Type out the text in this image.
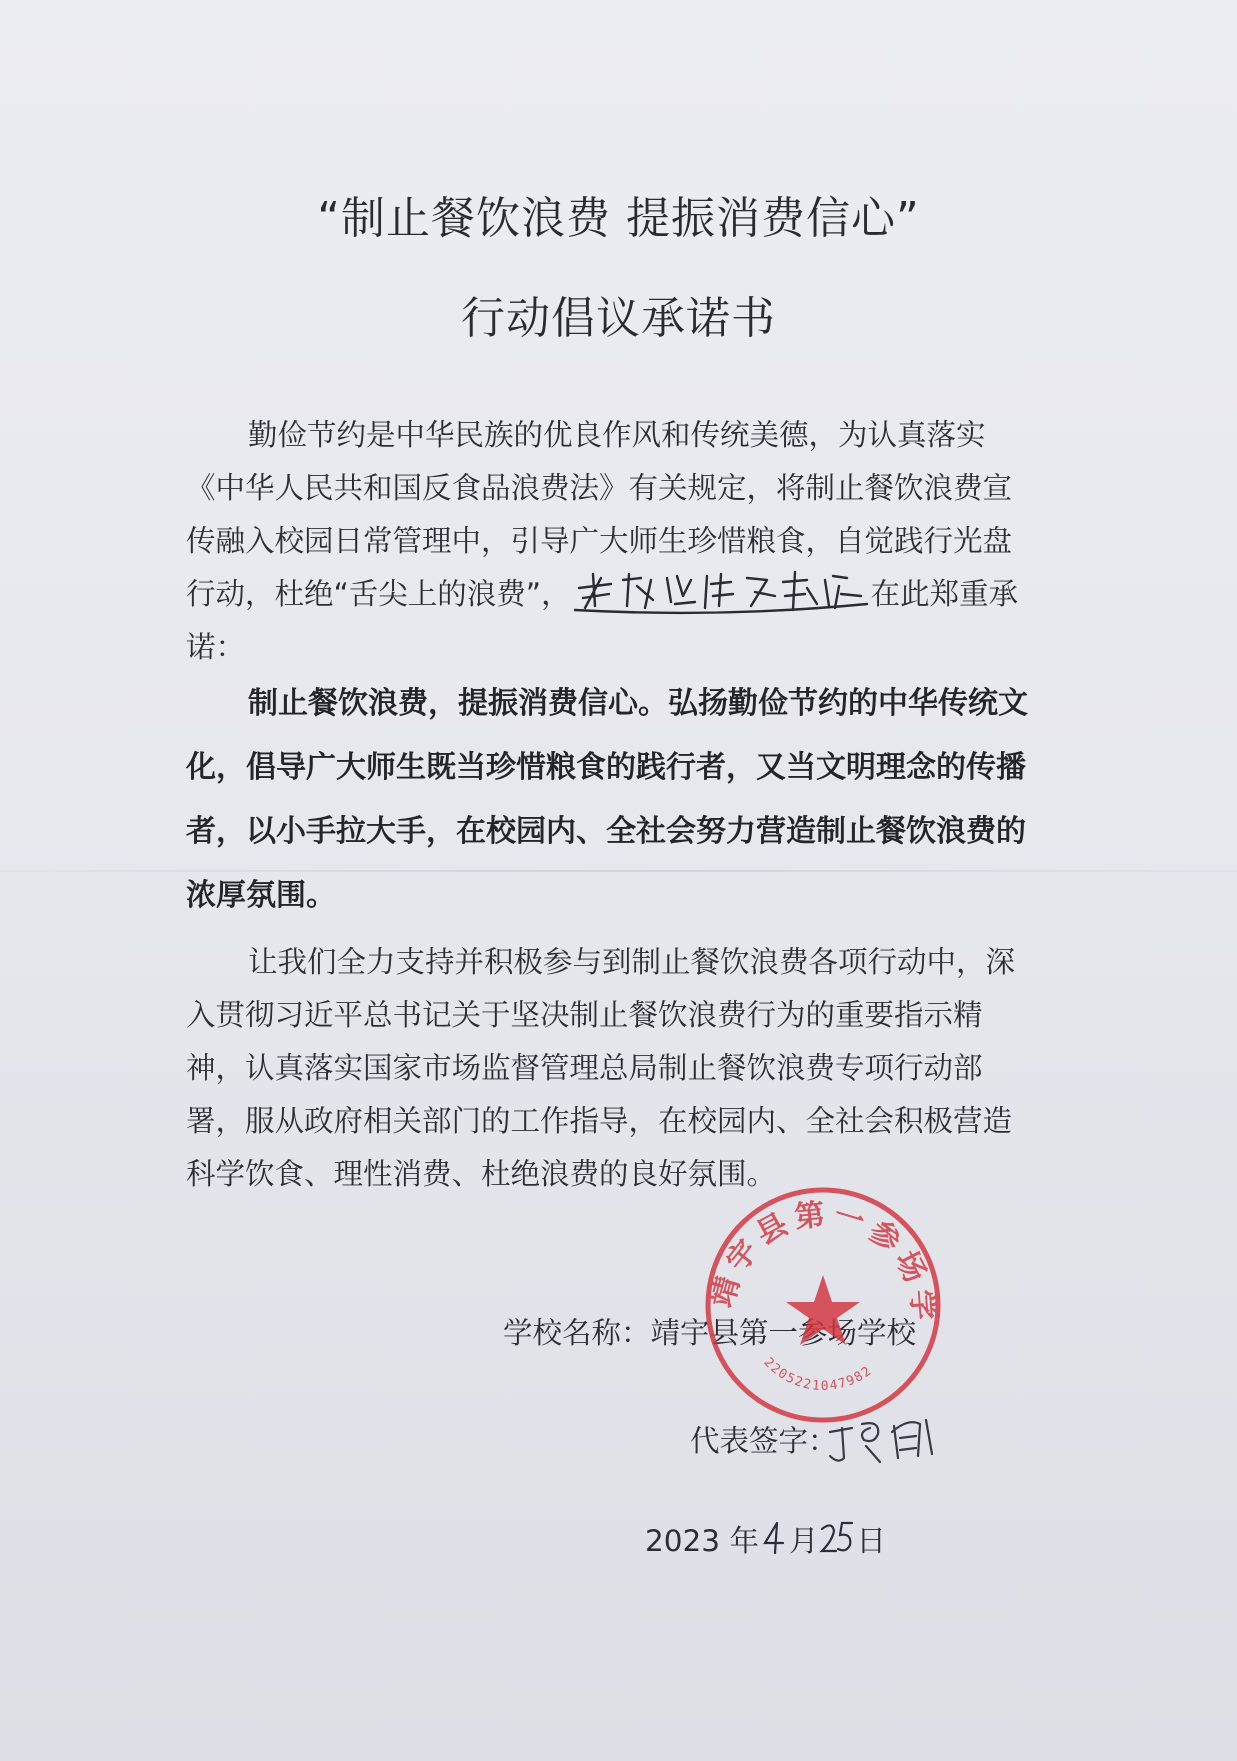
“制止餐饮浪费 提振消费信心”
行动倡议承诺书
勤俭节约是中华民族的优良作风和传统美德，为认真落实
《中华人民共和国反食品浪费法》有关规定，将制止餐饮浪费宣
传融入校园日常管理中，引导广大师生珍惜粮食，自觉践行光盘
行动，杜绝“舌尖上的浪费”，	在此郑重承
诺：
制止餐饮浪费，提振消费信心。弘扬勤俭节约的中华传统文
化，倡导广大师生既当珍惜粮食的践行者，又当文明理念的传播
者，以小手拉大手，在校园内、全社会努力营造制止餐饮浪费的
浓厚氛围。
让我们全力支持并积极参与到制止餐饮浪费各项行动中，深
入贯彻习近平总书记关于坚决制止餐饮浪费行为的重要指示精
神，认真落实国家市场监督管理总局制止餐饮浪费专项行动部
署，服从政府相关部门的工作指导，在校园内、全社会积极营造
科学饮食、理性消费、杜绝浪费的良好氛围。
学校名称：靖宇县第一参场学校
代表签字：
2023 年 月 日
靖宇县第一参场学
2205221047982
